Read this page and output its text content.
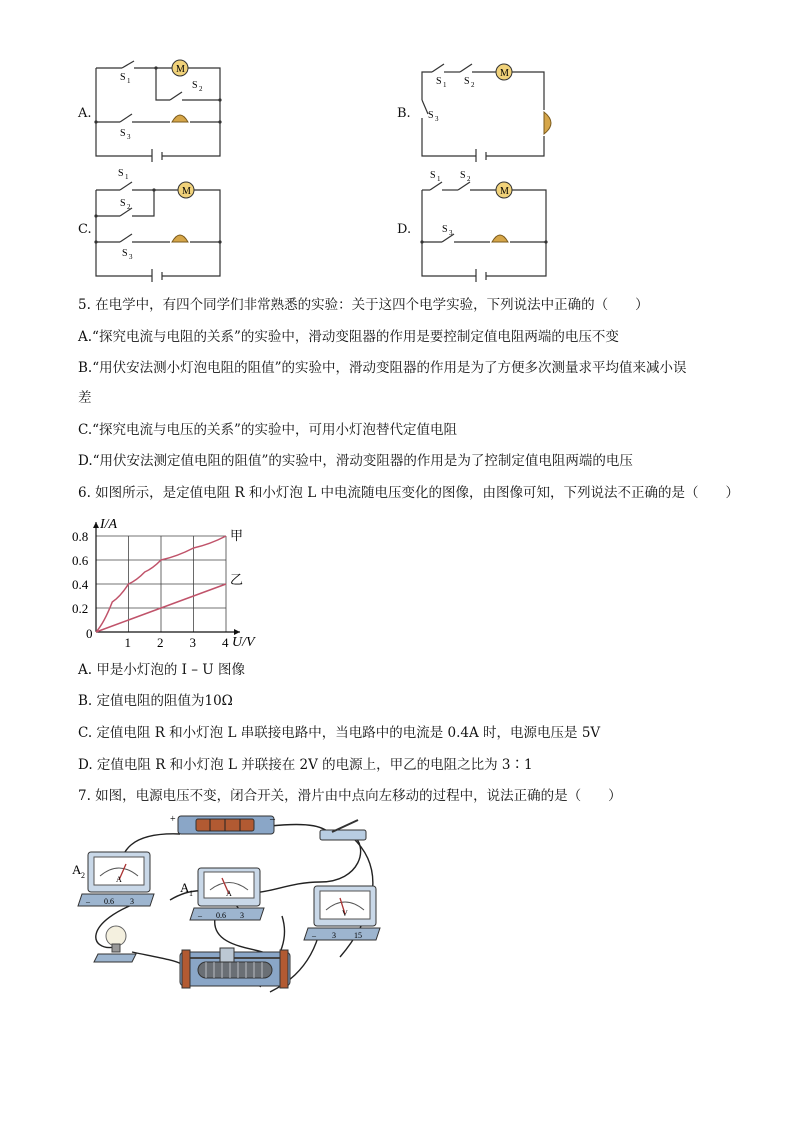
A.	B.
C.	D.
M
S 1	S 2
S 3
M
S 1 S 2
S 3
M
S 1
S 2
S 3
M
S 1 S 2
S 3
5. 在电学中，有四个同学们非常熟悉的实验：关于这四个电学实验，下列说法中正确的（　　）
A.“探究电流与电阻的关系”的实验中，滑动变阻器的作用是要控制定值电阻两端的电压不变
B.“用伏安法测小灯泡电阻的阻值”的实验中，滑动变阻器的作用是为了方便多次测量求平均值来减小误
差
C.“探究电流与电压的关系”的实验中，可用小灯泡替代定值电阻
D.“用伏安法测定值电阻的阻值”的实验中，滑动变阻器的作用是为了控制定值电阻两端的电压
6. 如图所示，是定值电阻 R 和小灯泡 L 中电流随电压变化的图像，由图像可知，下列说法不正确的是（　　）
1 2 3 4
0.2
0.4
0.6
0.8	甲
乙
I/A
U/V
0
A. 甲是小灯泡的 I – U 图像
B. 定值电阻的阻值为10Ω
C. 定值电阻 R 和小灯泡 L 串联接电路中，当电路中的电流是 0.4A 时，电源电压是 5V
D. 定值电阻 R 和小灯泡 L 并联接在 2V 的电源上，甲乙的电阻之比为 3∶1
7. 如图，电源电压不变，闭合开关，滑片由中点向左移动的过程中，说法正确的是（　　）
+	–
A
– 0.6 3
A 2
A
– 0.6 3
A 1
V
– 3 15
